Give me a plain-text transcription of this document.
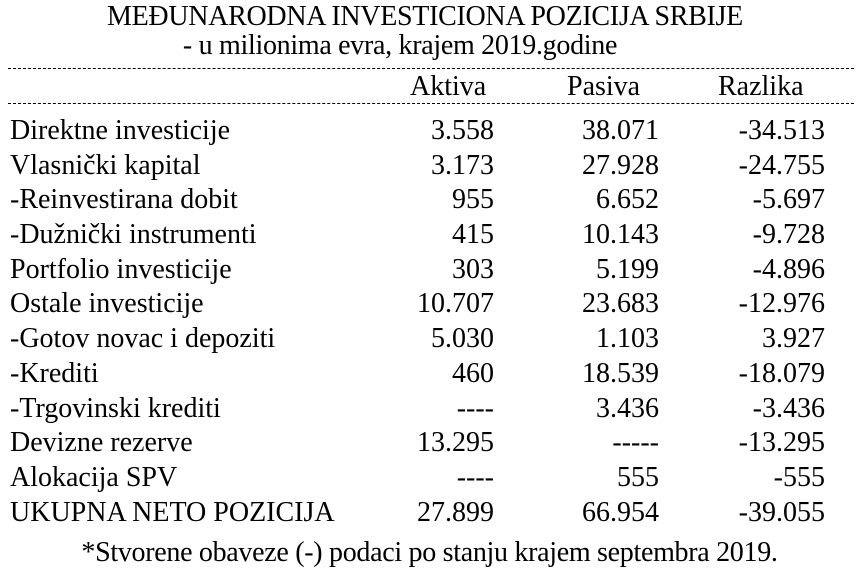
MEĐUNARODNA INVESTICIONA POZICIJA SRBIJE
- u milionima evra, krajem 2019.godine
Aktiva	Pasiva	Razlika
Direktne investicije	3.558	38.071	-34.513
Vlasnički kapital	3.173	27.928	-24.755
-Reinvestirana dobit	955	6.652	-5.697
-Dužnički instrumenti	415	10.143	-9.728
Portfolio investicije	303	5.199	-4.896
Ostale investicije	10.707	23.683	-12.976
-Gotov novac i depoziti	5.030	1.103	3.927
-Krediti	460	18.539	-18.079
-Trgovinski krediti	----	3.436	-3.436
Devizne rezerve	13.295	-----	-13.295
Alokacija SPV	----	555	-555
UKUPNA NETO POZICIJA	27.899	66.954	-39.055
*Stvorene obaveze (-) podaci po stanju krajem septembra 2019.
